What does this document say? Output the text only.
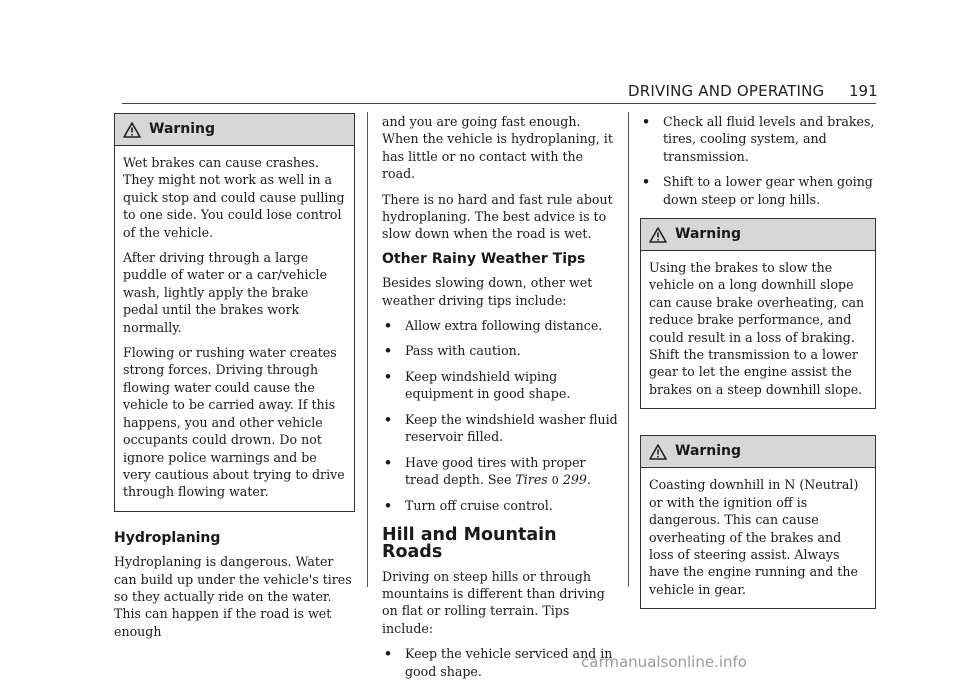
DRIVING AND OPERATING 191
Warning

Wet brakes can cause crashes. They might not work as well in a quick stop and could cause pulling to one side. You could lose control of the vehicle.

After driving through a large puddle of water or a car/vehicle wash, lightly apply the brake pedal until the brakes work normally.

Flowing or rushing water creates strong forces. Driving through flowing water could cause the vehicle to be carried away. If this happens, you and other vehicle occupants could drown. Do not ignore police warnings and be very cautious about trying to drive through flowing water.

Hydroplaning

Hydroplaning is dangerous. Water can build up under the vehicle's tires so they actually ride on the water. This can happen if the road is wet enough

and you are going fast enough. When the vehicle is hydroplaning, it has little or no contact with the road.

There is no hard and fast rule about hydroplaning. The best advice is to slow down when the road is wet.

Other Rainy Weather Tips

Besides slowing down, other wet weather driving tips include:

• Allow extra following distance.
• Pass with caution.
• Keep windshield wiping equipment in good shape.
• Keep the windshield washer fluid reservoir filled.
• Have good tires with proper tread depth. See Tires 0 299.
• Turn off cruise control.
Hill and Mountain Roads

Driving on steep hills or through mountains is different than driving on flat or rolling terrain. Tips include:

• Keep the vehicle serviced and in good shape.
• Check all fluid levels and brakes, tires, cooling system, and transmission.
• Shift to a lower gear when going down steep or long hills.
Warning

Using the brakes to slow the vehicle on a long downhill slope can cause brake overheating, can reduce brake performance, and could result in a loss of braking. Shift the transmission to a lower gear to let the engine assist the brakes on a steep downhill slope.

Warning

Coasting downhill in N (Neutral) or with the ignition off is dangerous. This can cause overheating of the brakes and loss of steering assist. Always have the engine running and the vehicle in gear.

carmanualsonline.info
